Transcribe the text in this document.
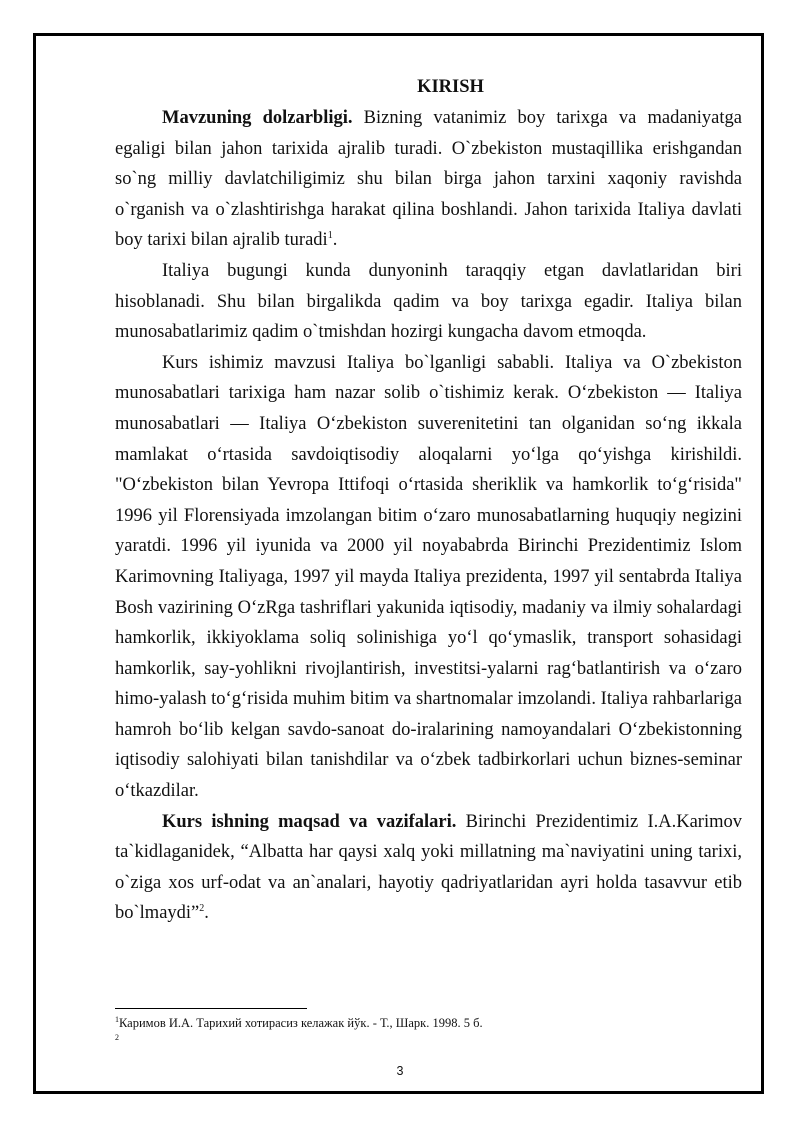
KIRISH

Mavzuning dolzarbligi. Bizning vatanimiz boy tarixga va madaniyatga egaligi bilan jahon tarixida ajralib turadi. O`zbekiston mustaqillika erishgandan so`ng milliy davlatchiligimiz shu bilan birga jahon tarxini xaqoniy ravishda o`rganish va o`zlashtirishga harakat qilina boshlandi. Jahon tarixida Italiya davlati boy tarixi bilan ajralib turadi$^1$.

Italiya bugungi kunda dunyoninh taraqqiy etgan davlatlaridan biri hisoblanadi. Shu bilan birgalikda qadim va boy tarixga egadir. Italiya bilan munosabatlarimiz qadim o`tmishdan hozirgi kungacha davom etmoqda.

Kurs ishimiz mavzusi Italiya bo`lganligi sababli. Italiya va O`zbekiston munosabatlari tarixiga ham nazar solib o`tishimiz kerak. O‘zbekiston — Italiya munosabatlari — Italiya O‘zbekiston suverenitetini tan olganidan so‘ng ikkala mamlakat o‘rtasida savdoiqtisodiy aloqalarni yo‘lga qo‘yishga kirishildi. "O‘zbekiston bilan Yevropa Ittifoqi o‘rtasida sheriklik va hamkorlik to‘g‘risida" 1996 yil Florensiyada imzolangan bitim o‘zaro munosabatlarning huquqiy negizini yaratdi. 1996 yil iyunida va 2000 yil noyababrda Birinchi Prezidentimiz Islom Karimovning Italiyaga, 1997 yil mayda Italiya prezidenta, 1997 yil sentabrda Italiya Bosh vazirining O‘zRga tashriflari yakunida iqtisodiy, madaniy va ilmiy sohalardagi hamkorlik, ikkiyoklama soliq solinishiga yo‘l qo‘ymaslik, transport sohasidagi hamkorlik, say-yohlikni rivojlantirish, investitsi-yalarni rag‘batlantirish va o‘zaro himo-yalash to‘g‘risida muhim bitim va shartnomalar imzolandi. Italiya rahbarlariga hamroh bo‘lib kelgan savdo-sanoat do-iralarining namoyandalari O‘zbekistonning iqtisodiy salohiyati bilan tanishdilar va o‘zbek tadbirkorlari uchun biznes-seminar o‘tkazdilar.

Kurs ishning maqsad va vazifalari. Birinchi Prezidentimiz I.A.Karimov ta`kidlaganidek, “Albatta har qaysi xalq yoki millatning ma`naviyatini uning tarixi, o`ziga xos urf-odat va an`analari, hayotiy qadriyatlaridan ayri holda tasavvur etib bo`lmaydi”$^2$.

$^1$Каримов И.А. Тарихий хотирасиз келажак йўк. - Т., Шарк. 1998. 5 б.

$^2$

3
